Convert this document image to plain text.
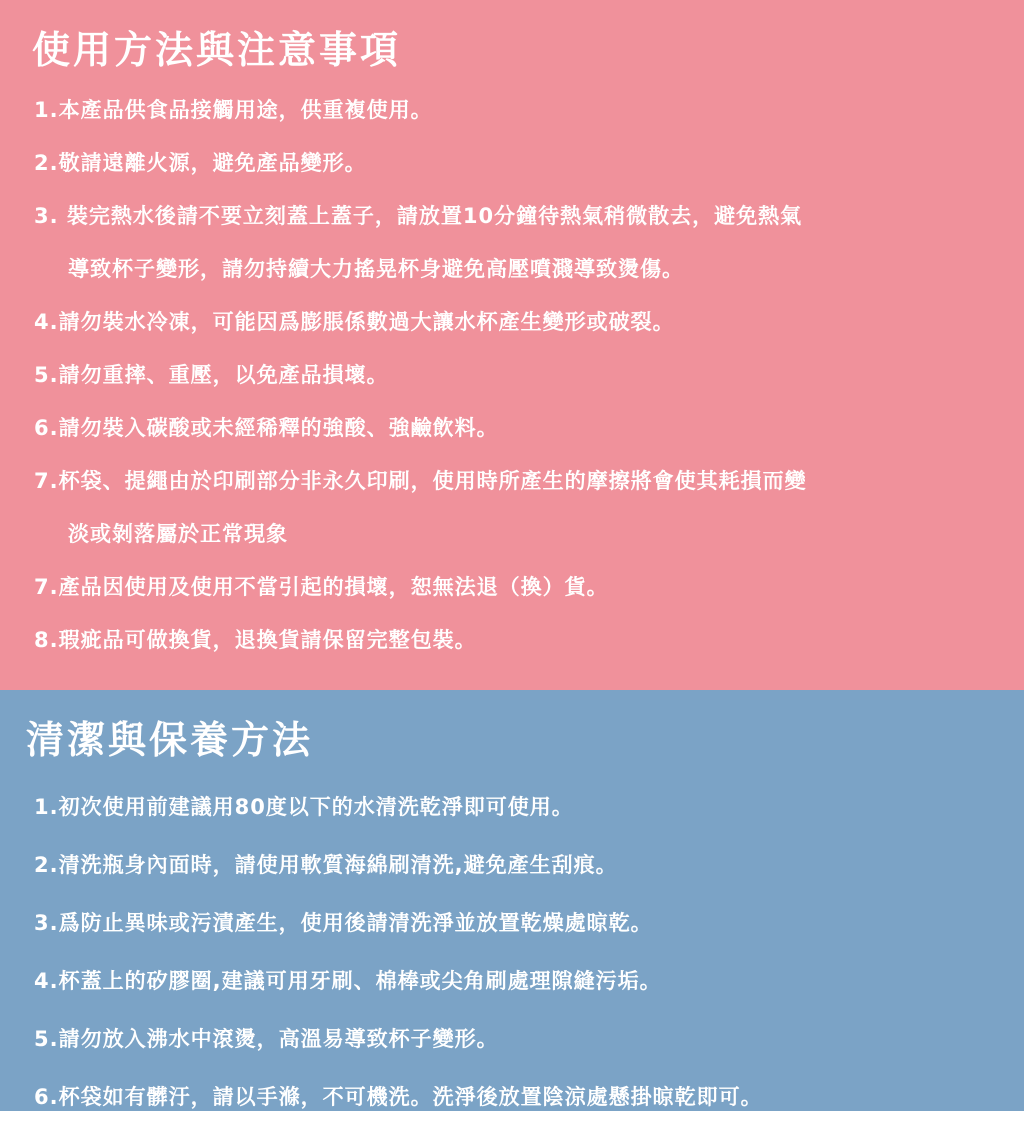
使用方法與注意事項
1.本產品供食品接觸用途，供重複使用。
2.敬請遠離火源，避免產品變形。
3. 裝完熱水後請不要立刻蓋上蓋子，請放置10分鐘待熱氣稍微散去，避免熱氣
導致杯子變形，請勿持續大力搖晃杯身避免高壓噴濺導致燙傷。
4.請勿裝水冷凍，可能因爲膨脹係數過大讓水杯產生變形或破裂。
5.請勿重摔、重壓，以免產品損壞。
6.請勿裝入碳酸或未經稀釋的強酸、強鹼飲料。
7.杯袋、提繩由於印刷部分非永久印刷，使用時所產生的摩擦將會使其耗損而變
淡或剝落屬於正常現象
7.產品因使用及使用不當引起的損壞，恕無法退（換）貨。
8.瑕疵品可做換貨，退換貨請保留完整包裝。
清潔與保養方法
1.初次使用前建議用80度以下的水清洗乾淨即可使用。
2.清洗瓶身內面時，請使用軟質海綿刷清洗,避免產生刮痕。
3.爲防止異味或污漬產生，使用後請清洗淨並放置乾燥處晾乾。
4.杯蓋上的矽膠圈,建議可用牙刷、棉棒或尖角刷處理隙縫污垢。
5.請勿放入沸水中滾燙，高溫易導致杯子變形。
6.杯袋如有髒汙，請以手滌，不可機洗。洗淨後放置陰涼處懸掛晾乾即可。
